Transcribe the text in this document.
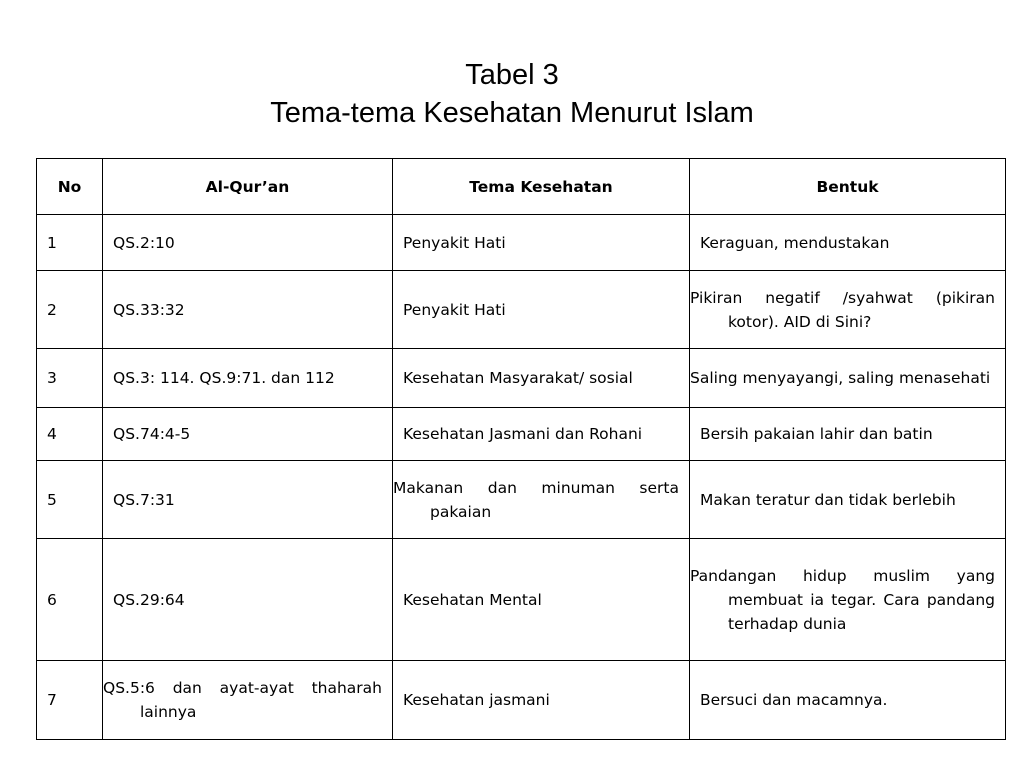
Tabel 3
Tema-tema Kesehatan Menurut Islam
No	Al-Qur’an	Tema Kesehatan	Bentuk
1	QS.2:10	Penyakit Hati	Keraguan, mendustakan
2	QS.33:32	Penyakit Hati	Pikiran negatif /syahwat (pikiran kotor). AID di Sini?
3	QS.3: 114. QS.9:71. dan 112	Kesehatan Masyarakat/ sosial	Saling menyayangi, saling menasehati
4	QS.74:4-5	Kesehatan Jasmani dan Rohani	Bersih pakaian lahir dan batin
5	QS.7:31	Makanan dan minuman serta pakaian	Makan teratur dan tidak berlebih
6	QS.29:64	Kesehatan Mental	Pandangan hidup muslim yang membuat ia tegar. Cara pandang terhadap dunia
7	QS.5:6 dan ayat-ayat thaharah lainnya	Kesehatan jasmani	Bersuci dan macamnya.
